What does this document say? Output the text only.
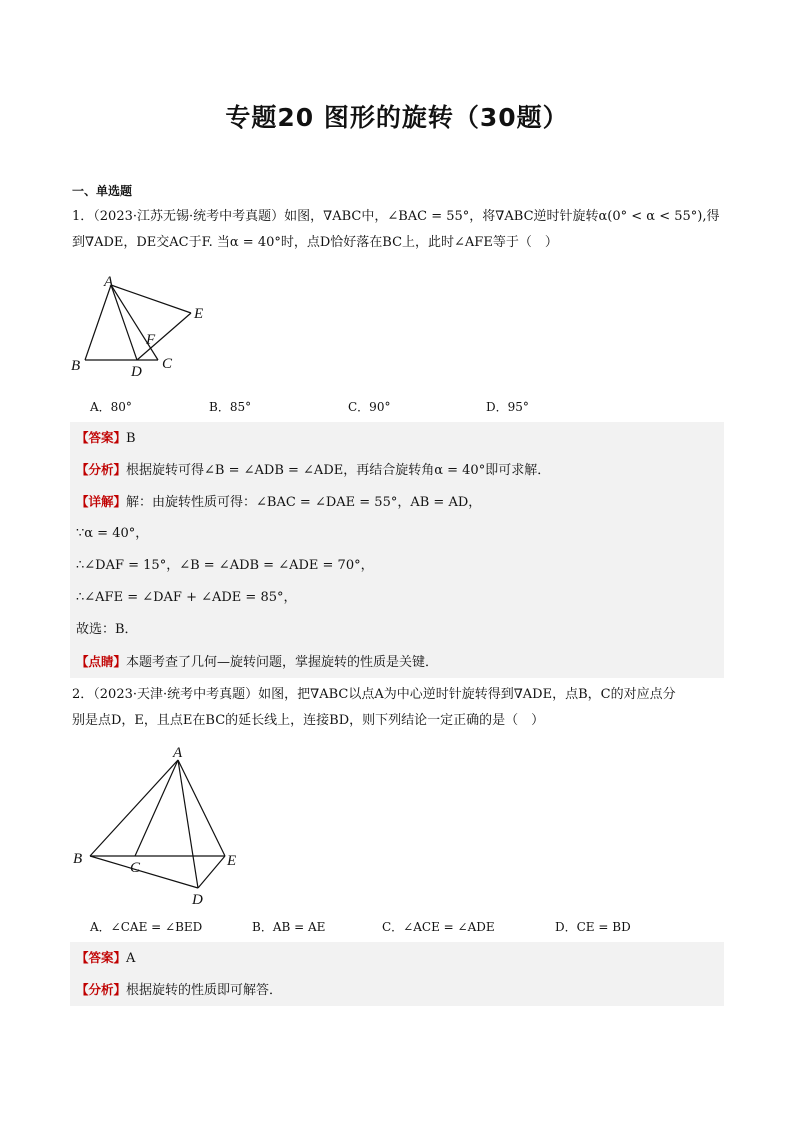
专题20 图形的旋转（30题）
一、单选题
1．（2023·江苏无锡·统考中考真题）如图，∇ABC中，∠BAC = 55°，将∇ABC逆时针旋转α(0° < α < 55°),得
到∇ADE，DE交AC于F. 当α = 40°时，点D恰好落在BC上，此时∠AFE等于（　）
A
B	C
D
E
F
A．80°	B．85°	C．90°	D．95°
【答案】B
【分析】根据旋转可得∠B = ∠ADB = ∠ADE，再结合旋转角α = 40°即可求解．
【详解】解：由旋转性质可得：∠BAC = ∠DAE = 55°，AB = AD，
∵α = 40°，
∴∠DAF = 15°，∠B = ∠ADB = ∠ADE = 70°，
∴∠AFE = ∠DAF + ∠ADE = 85°，
故选：B．
【点睛】本题考查了几何—旋转问题，掌握旋转的性质是关键．
2．（2023·天津·统考中考真题）如图，把∇ABC以点A为中心逆时针旋转得到∇ADE，点B，C的对应点分
别是点D，E，且点E在BC的延长线上，连接BD，则下列结论一定正确的是（　）
A
B
C
D
E
A．∠CAE = ∠BED	B．AB = AE	C．∠ACE = ∠ADE	D．CE = BD
【答案】A
【分析】根据旋转的性质即可解答．
